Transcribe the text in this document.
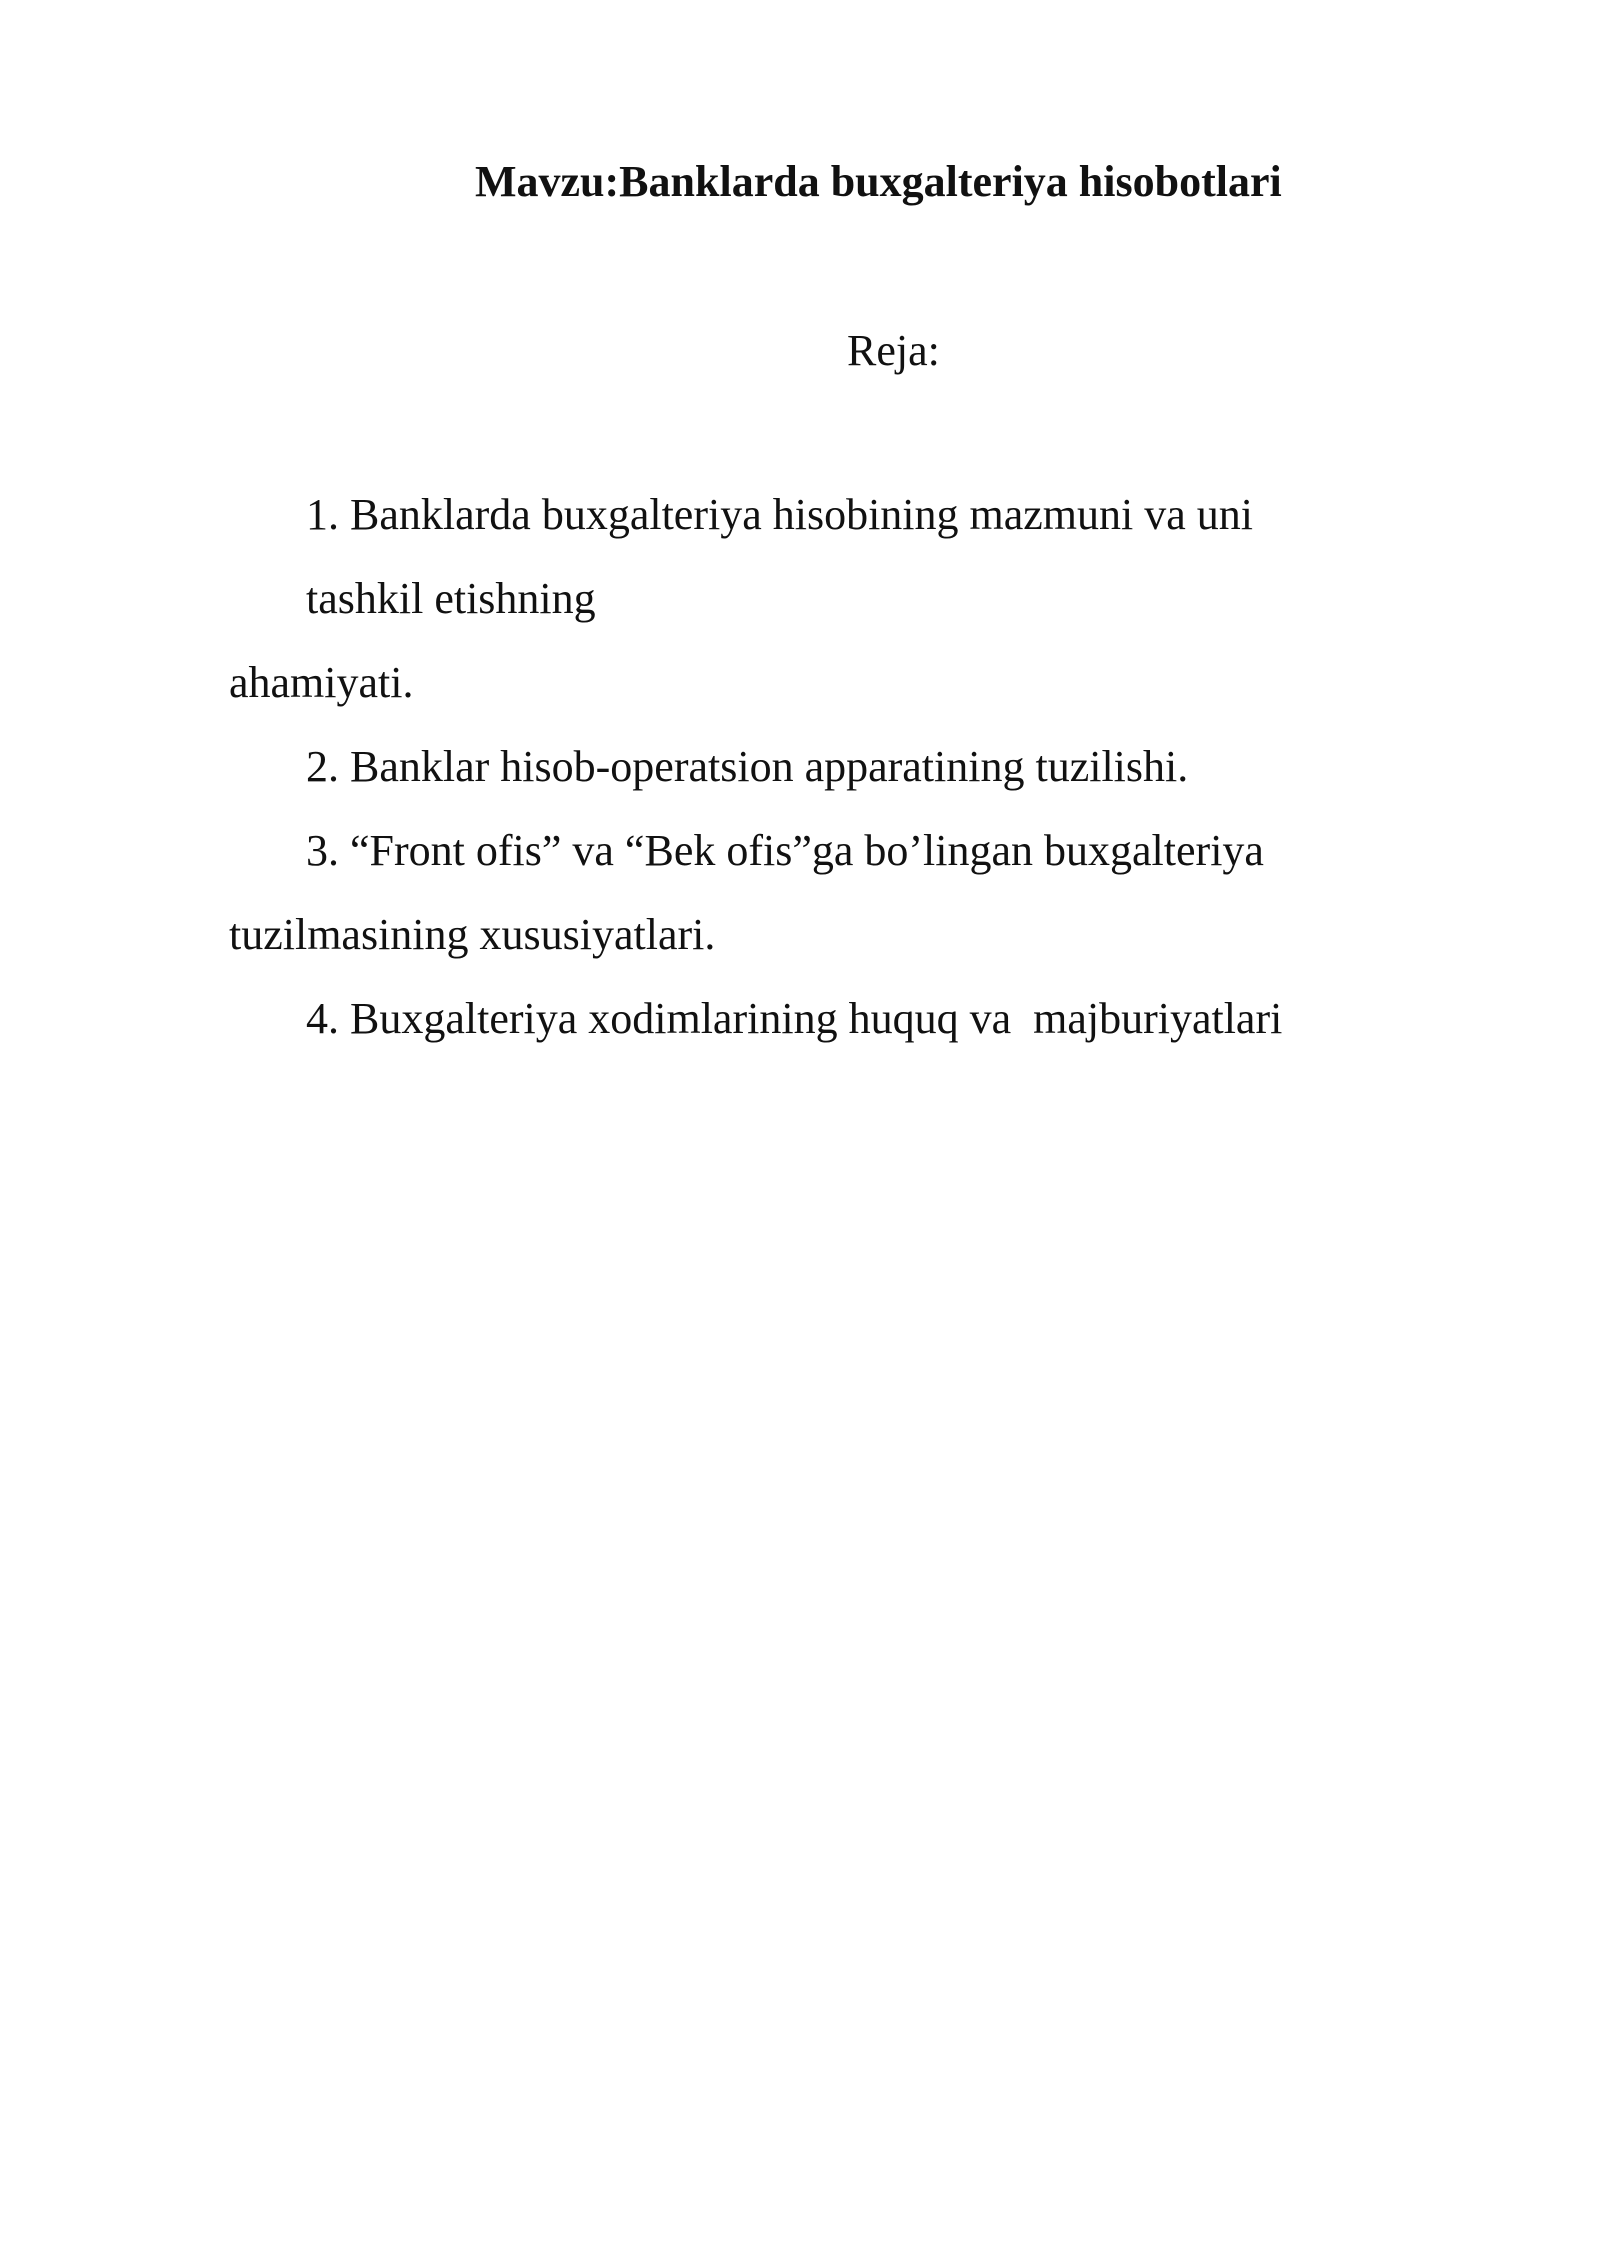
Mavzu:Banklarda buxgalteriya hisobotlari
Reja:
1. Banklarda buxgalteriya hisobining mazmuni va uni
tashkil etishning
ahamiyati.
2. Banklar hisob-operatsion apparatining tuzilishi.
3. “Front ofis” va “Bek ofis”ga bo’lingan buxgalteriya
tuzilmasining xususiyatlari.
4. Buxgalteriya xodimlarining huquq va  majburiyatlari
